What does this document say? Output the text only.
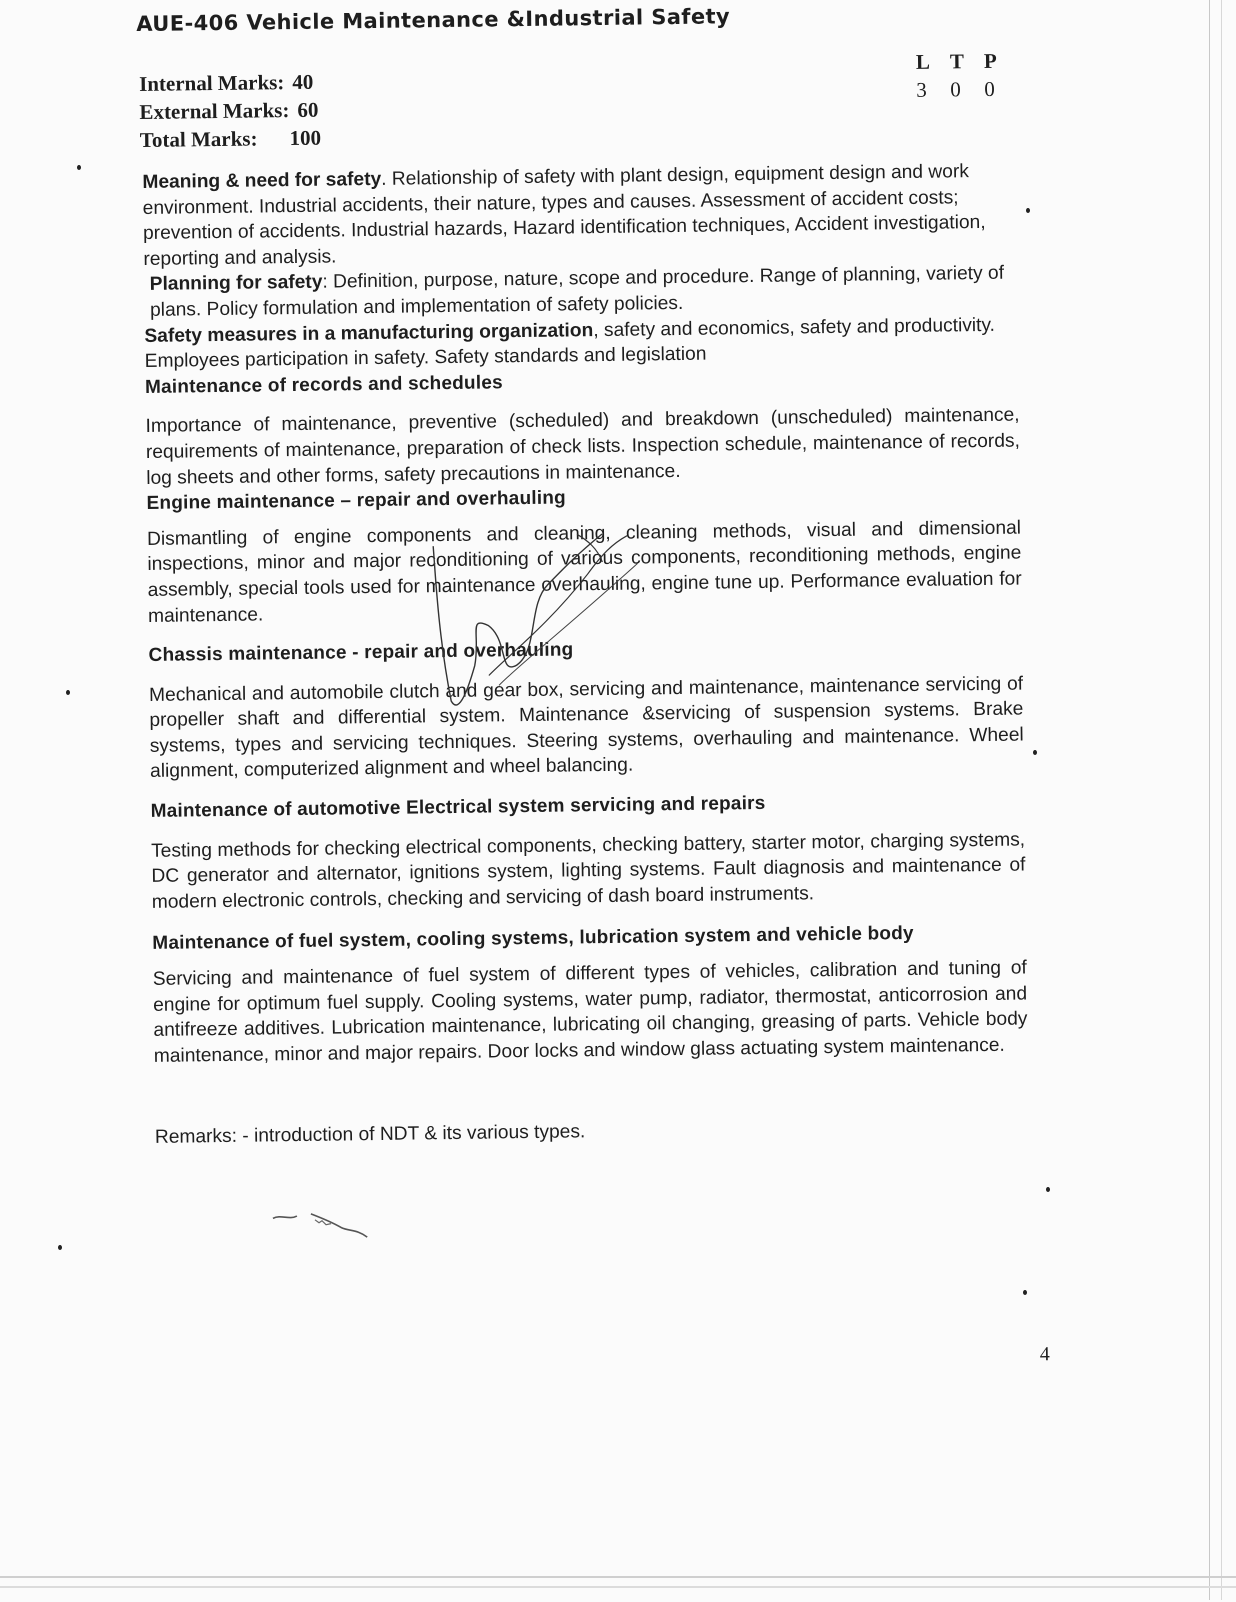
AUE-406 Vehicle Maintenance &Industrial Safety
Internal Marks: 40
External Marks: 60
Total Marks: 100
L T P
3 0 0

Meaning & need for safety. Relationship of safety with plant design, equipment design and work environment. Industrial accidents, their nature, types and causes. Assessment of accident costs; prevention of accidents. Industrial hazards, Hazard identification techniques, Accident investigation, reporting and analysis.

Planning for safety: Definition, purpose, nature, scope and procedure. Range of planning, variety of plans. Policy formulation and implementation of safety policies.

Safety measures in a manufacturing organization, safety and economics, safety and productivity. Employees participation in safety. Safety standards and legislation

Maintenance of records and schedules

Importance of maintenance, preventive (scheduled) and breakdown (unscheduled) maintenance, requirements of maintenance, preparation of check lists. Inspection schedule, maintenance of records, log sheets and other forms, safety precautions in maintenance.

Engine maintenance – repair and overhauling

Dismantling of engine components and cleaning, cleaning methods, visual and dimensional inspections, minor and major reconditioning of various components, reconditioning methods, engine assembly, special tools used for maintenance overhauling, engine tune up. Performance evaluation for maintenance.

Chassis maintenance - repair and overhauling

Mechanical and automobile clutch and gear box, servicing and maintenance, maintenance servicing of propeller shaft and differential system. Maintenance &servicing of suspension systems. Brake systems, types and servicing techniques. Steering systems, overhauling and maintenance. Wheel alignment, computerized alignment and wheel balancing.

Maintenance of automotive Electrical system servicing and repairs

Testing methods for checking electrical components, checking battery, starter motor, charging systems, DC generator and alternator, ignitions system, lighting systems. Fault diagnosis and maintenance of modern electronic controls, checking and servicing of dash board instruments.

Maintenance of fuel system, cooling systems, lubrication system and vehicle body

Servicing and maintenance of fuel system of different types of vehicles, calibration and tuning of engine for optimum fuel supply. Cooling systems, water pump, radiator, thermostat, anticorrosion and antifreeze additives. Lubrication maintenance, lubricating oil changing, greasing of parts. Vehicle body maintenance, minor and major repairs. Door locks and window glass actuating system maintenance.

Remarks: - introduction of NDT & its various types.

4
